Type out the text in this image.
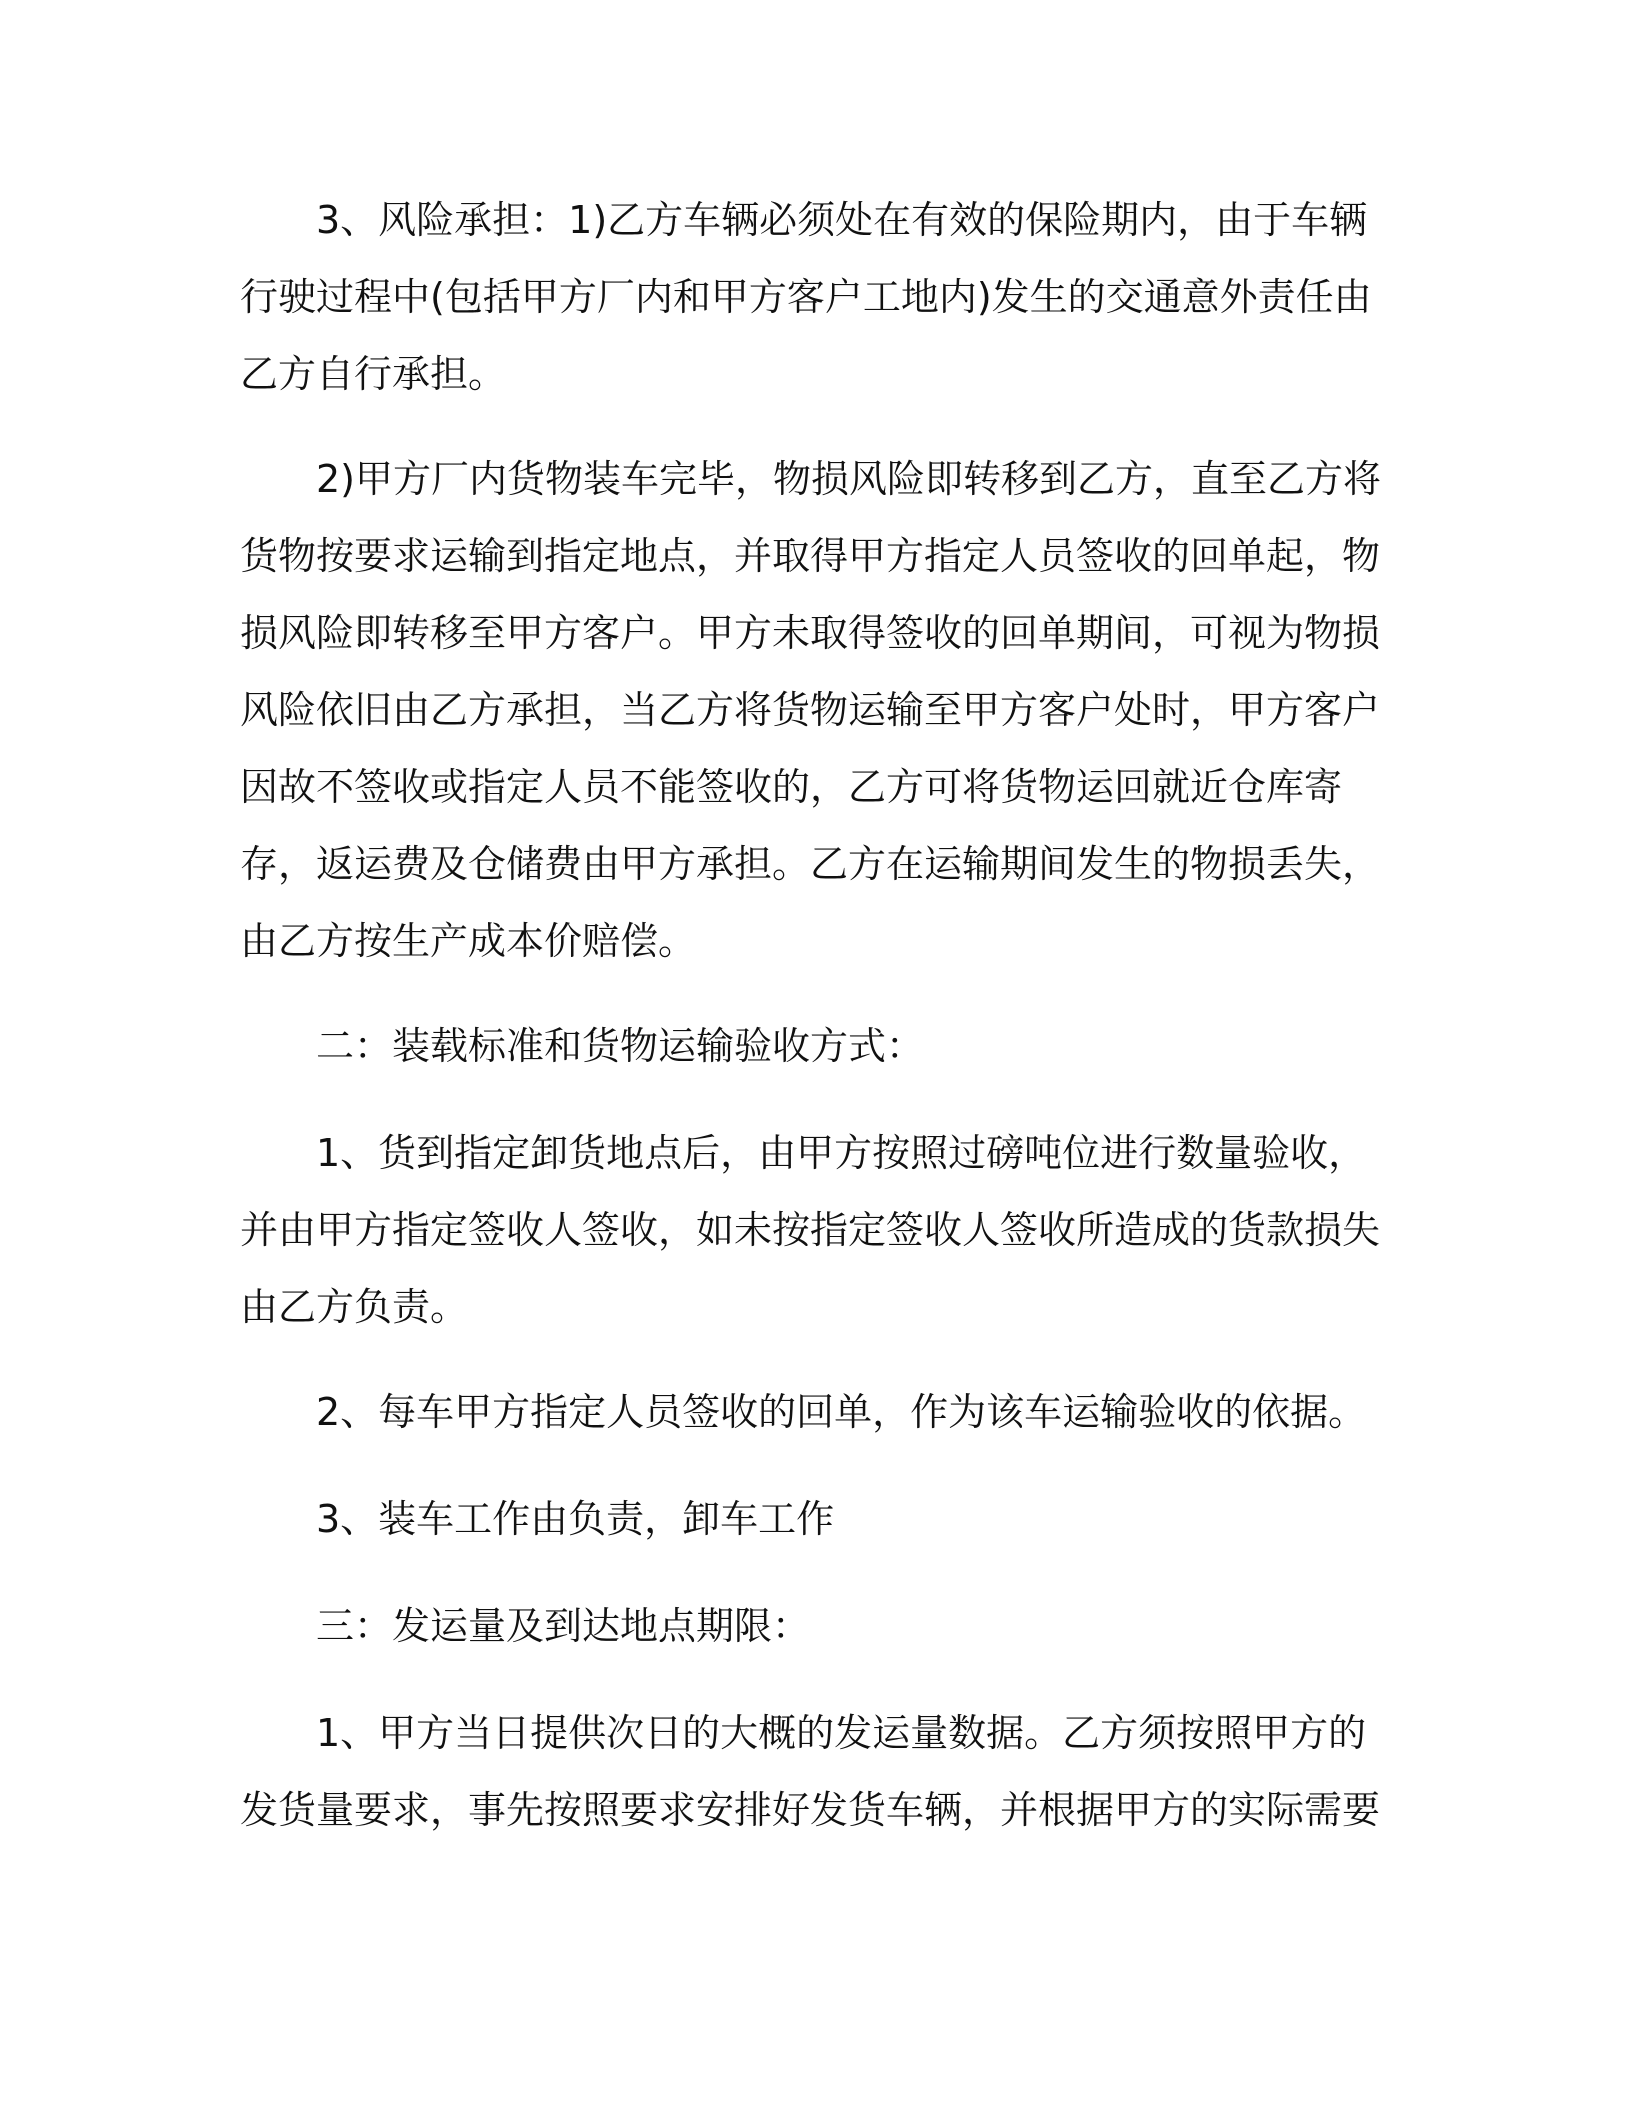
3、风险承担：1)乙方车辆必须处在有效的保险期内，由于车辆行驶过程中(包括甲方厂内和甲方客户工地内)发生的交通意外责任由乙方自行承担。

2)甲方厂内货物装车完毕，物损风险即转移到乙方，直至乙方将货物按要求运输到指定地点，并取得甲方指定人员签收的回单起，物损风险即转移至甲方客户。甲方未取得签收的回单期间，可视为物损风险依旧由乙方承担，当乙方将货物运输至甲方客户处时，甲方客户因故不签收或指定人员不能签收的，乙方可将货物运回就近仓库寄存，返运费及仓储费由甲方承担。乙方在运输期间发生的物损丢失，由乙方按生产成本价赔偿。

二：装载标准和货物运输验收方式：

1、货到指定卸货地点后，由甲方按照过磅吨位进行数量验收，并由甲方指定签收人签收，如未按指定签收人签收所造成的货款损失由乙方负责。

2、每车甲方指定人员签收的回单，作为该车运输验收的依据。

3、装车工作由负责，卸车工作

三：发运量及到达地点期限：

1、甲方当日提供次日的大概的发运量数据。乙方须按照甲方的发货量要求，事先按照要求安排好发货车辆，并根据甲方的实际需要
